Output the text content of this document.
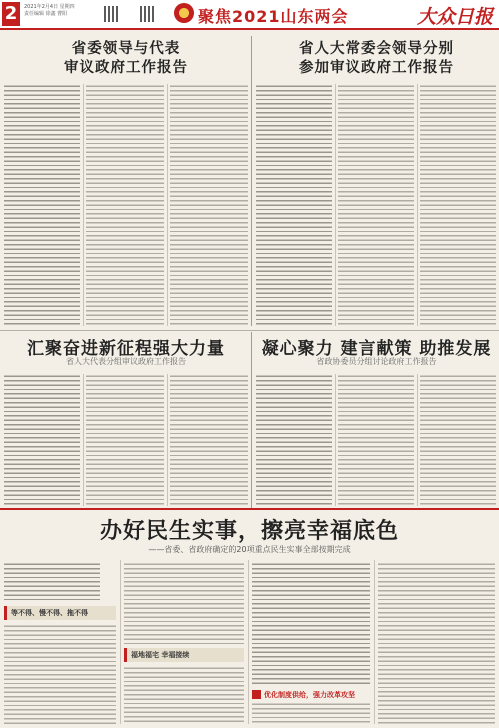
2	2021年2月4日 星期四
责任编辑 徐鑫 曹阳	聚焦2021山东两会	大众日报
省委领导与代表
审议政府工作报告
省人大常委会领导分别
参加审议政府工作报告
汇聚奋进新征程强大力量
省人大代表分组审议政府工作报告
凝心聚力 建言献策 助推发展
省政协委员分组讨论政府工作报告
办好民生实事，擦亮幸福底色
——省委、省政府确定的20项重点民生实事全部按期完成
等不得、慢不得、拖不得
福地福宅 幸福接续
优化制度供给，强力改革攻坚
